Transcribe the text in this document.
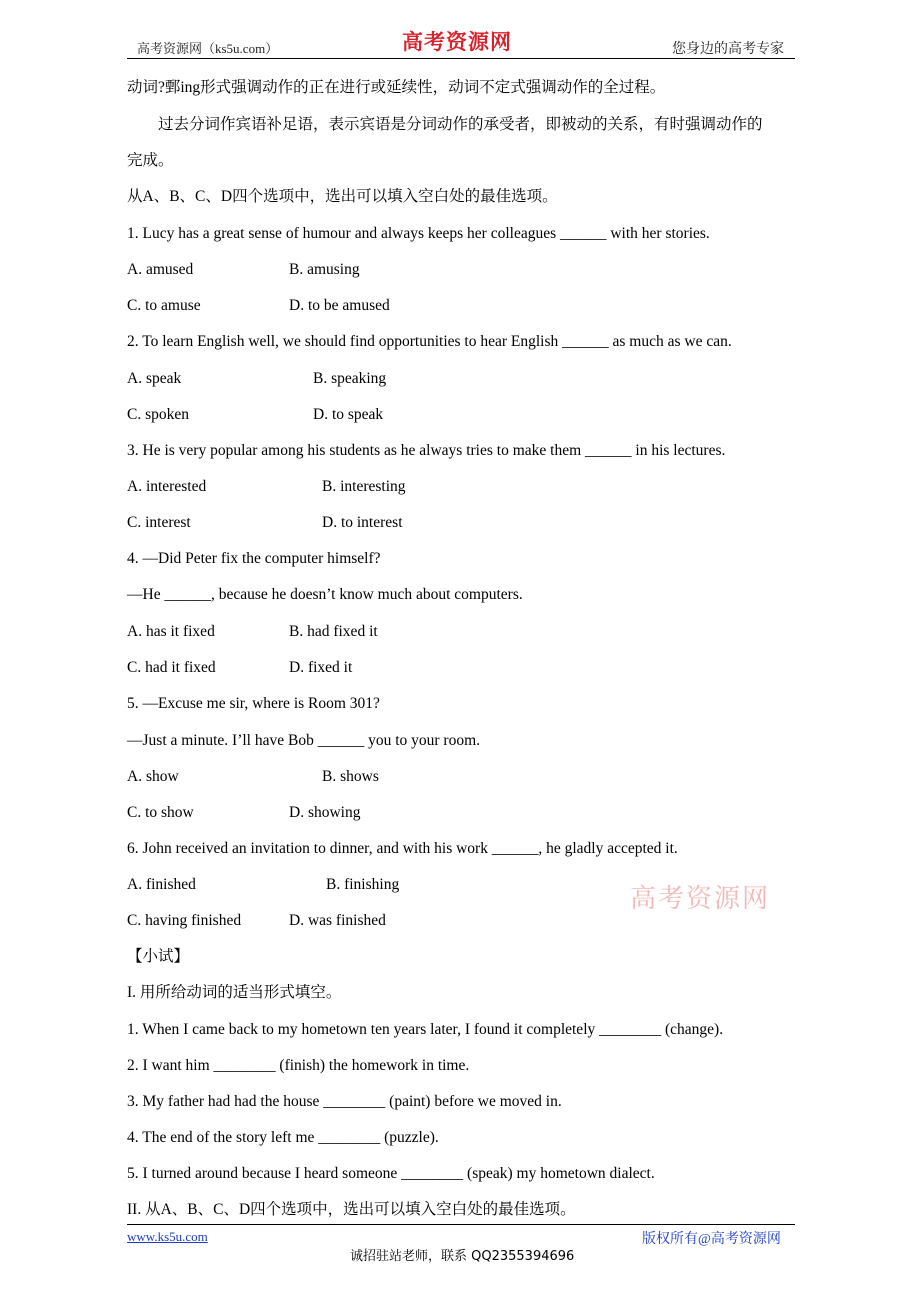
高考资源网（ks5u.com）	高考资源网	您身边的高考专家
动词?鄄ing形式强调动作的正在进行或延续性，动词不定式强调动作的全过程。
过去分词作宾语补足语，表示宾语是分词动作的承受者，即被动的关系，有时强调动作的
完成。
从A、B、C、D四个选项中，选出可以填入空白处的最佳选项。
1. Lucy has a great sense of humour and always keeps her colleagues ______ with her stories.
A. amused	B. amusing
C. to amuse	D. to be amused
2. To learn English well, we should find opportunities to hear English ______ as much as we can.
A. speak	B. speaking
C. spoken	D. to speak
3. He is very popular among his students as he always tries to make them ______ in his lectures.
A. interested	B. interesting
C. interest	D. to interest
4. —Did Peter fix the computer himself?
—He ______, because he doesn’t know much about computers.
A. has it fixed	B. had fixed it
C. had it fixed	D. fixed it
5. —Excuse me sir, where is Room 301?
—Just a minute. I’ll have Bob ______ you to your room.
A. show	B. shows
C. to show	D. showing
6. John received an invitation to dinner, and with his work ______, he gladly accepted it.
A. finished	B. finishing
C. having finished	D. was finished
高考资源网
【小试】
I. 用所给动词的适当形式填空。
1. When I came back to my hometown ten years later, I found it completely ________ (change).
2. I want him ________ (finish) the homework in time.
3. My father had had the house ________ (paint) before we moved in.
4. The end of the story left me ________ (puzzle).
5. I turned around because I heard someone ________ (speak) my hometown dialect.
II. 从A、B、C、D四个选项中，选出可以填入空白处的最佳选项。
www.ks5u.com	版权所有@高考资源网
诚招驻站老师，联系 QQ2355394696
